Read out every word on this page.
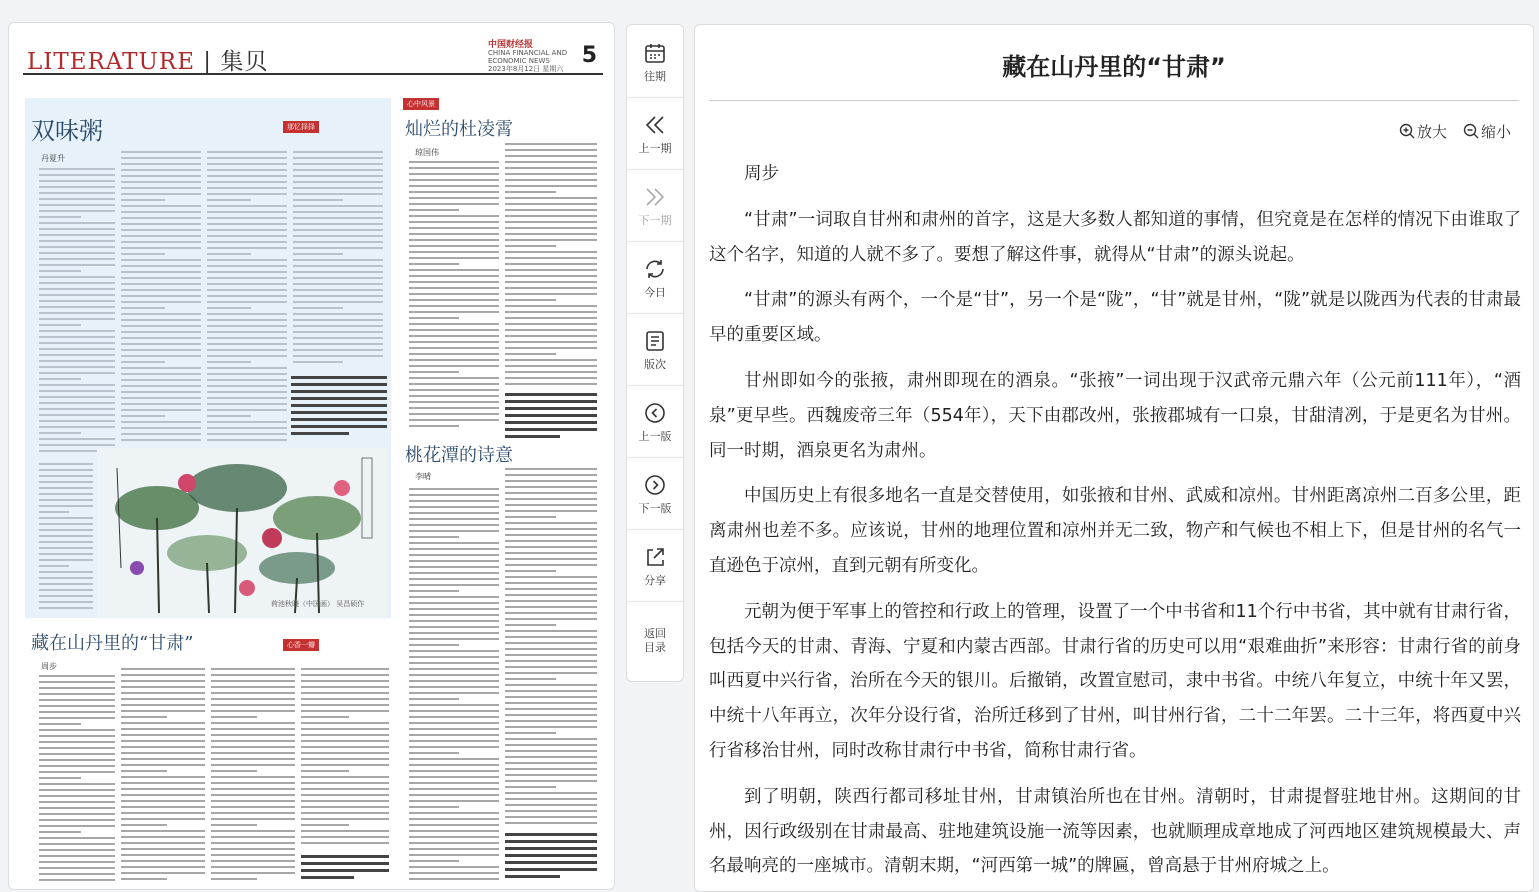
LITERATURE | 集贝
中国财经报
CHINA FINANCIAL AND ECONOMIC NEWS
2023年8月12日 星期六
5
双味粥	那忆择择
丹夏升
荷池秋晓（中国画） 吴昌硕作
心中风景
灿烂的杜凌霄
琼国伟
桃花潭的诗意
李晴
藏在山丹里的“甘肃”	心香一瓣
周步
往期
上一期
下一期
今日
版次
上一版
下一版
分享
返回目录
藏在山丹里的“甘肃”
放大	缩小

周步

“甘肃”一词取自甘州和肃州的首字，这是大多数人都知道的事情，但究竟是在怎样的情况下由谁取了这个名字，知道的人就不多了。要想了解这件事，就得从“甘肃”的源头说起。

“甘肃”的源头有两个，一个是“甘”，另一个是“陇”，“甘”就是甘州，“陇”就是以陇西为代表的甘肃最早的重要区域。

甘州即如今的张掖，肃州即现在的酒泉。“张掖”一词出现于汉武帝元鼎六年（公元前111年），“酒泉”更早些。西魏废帝三年（554年），天下由郡改州，张掖郡城有一口泉，甘甜清冽，于是更名为甘州。同一时期，酒泉更名为肃州。

中国历史上有很多地名一直是交替使用，如张掖和甘州、武威和凉州。甘州距离凉州二百多公里，距离肃州也差不多。应该说，甘州的地理位置和凉州并无二致，物产和气候也不相上下，但是甘州的名气一直逊色于凉州，直到元朝有所变化。

元朝为便于军事上的管控和行政上的管理，设置了一个中书省和11个行中书省，其中就有甘肃行省，包括今天的甘肃、青海、宁夏和内蒙古西部。甘肃行省的历史可以用“艰难曲折”来形容：甘肃行省的前身叫西夏中兴行省，治所在今天的银川。后撤销，改置宣慰司，隶中书省。中统八年复立，中统十年又罢，中统十八年再立，次年分设行省，治所迁移到了甘州，叫甘州行省，二十二年罢。二十三年，将西夏中兴行省移治甘州，同时改称甘肃行中书省，简称甘肃行省。

到了明朝，陕西行都司移址甘州，甘肃镇治所也在甘州。清朝时，甘肃提督驻地甘州。这期间的甘州，因行政级别在甘肃最高、驻地建筑设施一流等因素，也就顺理成章地成了河西地区建筑规模最大、声名最响亮的一座城市。清朝末期，“河西第一城”的牌匾，曾高悬于甘州府城之上。
